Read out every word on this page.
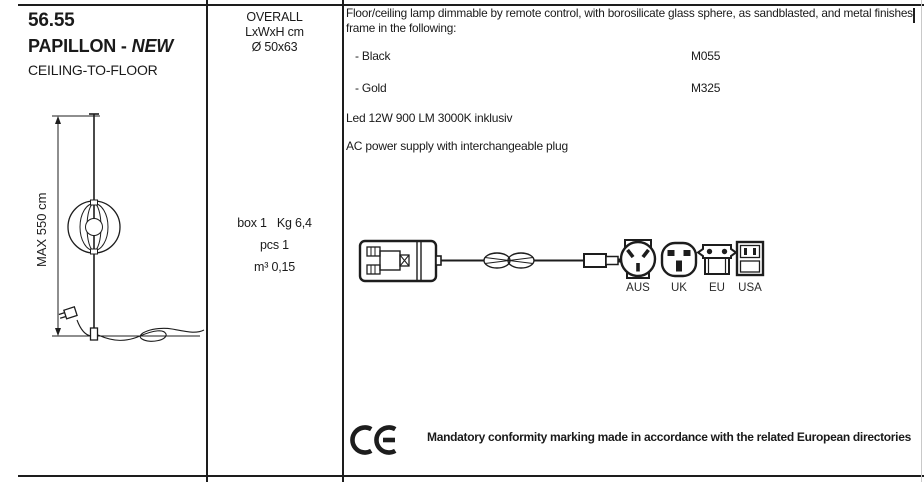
56.55
PAPILLON - NEW
CEILING-TO-FLOOR
MAX 550 cm
OVERALL
LxWxH cm
Ø 50x63
box 1 Kg 6,4
pcs 1
m³ 0,15
Floor/ceiling lamp dimmable by remote control, with borosilicate glass sphere, as sandblasted, and metal finishes frame in the following:
- Black	M055
- Gold	M325
Led 12W 900 LM 3000K inklusiv
AC power supply with interchangeable plug
AUS UK EU USA
Mandatory conformity marking made in accordance with the related European directories
